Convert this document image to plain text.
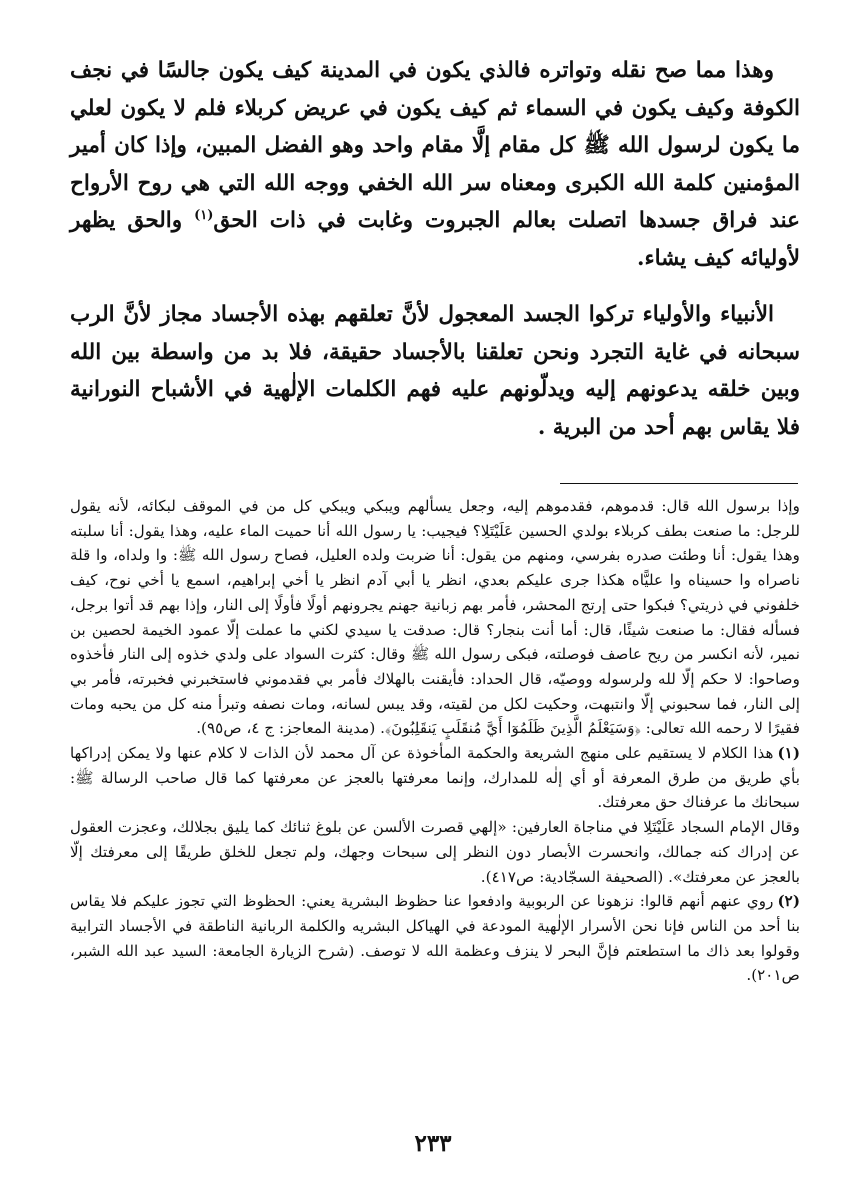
وهذا مما صح نقله وتواتره فالذي يكون في المدينة كيف يكون جالسًا في نجف الكوفة وكيف يكون في السماء ثم كيف يكون في عريض كربلاء فلم لا يكون لعلي ما يكون لرسول الله ﷺ كل مقام إلَّا مقام واحد وهو الفضل المبين، وإذا كان أمير المؤمنين كلمة الله الكبرى ومعناه سر الله الخفي ووجه الله التي هي روح الأرواح عند فراق جسدها اتصلت بعالم الجبروت وغابت في ذات الحق$^{(١)}$ والحق يظهر لأوليائه كيف يشاء.

الأنبياء والأولياء تركوا الجسد المعجول لأنَّ تعلقهم بهذه الأجساد مجاز لأنَّ الرب سبحانه في غاية التجرد ونحن تعلقنا بالأجساد حقيقة، فلا بد من واسطة بين الله وبين خلقه يدعونهم إليه ويدلّونهم عليه فهم الكلمات الإلٰهية في الأشباح النورانية فلا يقاس بهم أحد من البرية .

وإذا برسول الله قال: قدموهم، فقدموهم إليه، وجعل يسألهم ويبكي ويبكي كل من في الموقف لبكائه، لأنه يقول للرجل: ما صنعت بطف كربلاء بولدي الحسين عَلَيْتَلِا؟ فيجيب: يا رسول الله أنا حميت الماء عليه، وهذا يقول: أنا سلبته وهذا يقول: أنا وطئت صدره بفرسي، ومنهم من يقول: أنا ضربت ولده العليل، فصاح رسول الله ﷺ: وا ولداه، وا قلة ناصراه وا حسيناه وا عليًّاه هكذا جرى عليكم بعدي، انظر يا أبي آدم انظر يا أخي إبراهيم، اسمع يا أخي نوح، كيف خلفوني في ذريتي؟ فبكوا حتى إرتج المحشر، فأمر بهم زبانية جهنم يجرونهم أولًا فأولًا إلى النار، وإذا بهم قد أتوا برجل، فسأله فقال: ما صنعت شيئًا، قال: أما أنت بنجار؟ قال: صدقت يا سيدي لكني ما عملت إلّا عمود الخيمة لحصين بن نمير، لأنه انكسر من ريح عاصف فوصلته، فبكى رسول الله ﷺ وقال: كثرت السواد على ولدي خذوه إلى النار فأخذوه وصاحوا: لا حكم إلّا لله ولرسوله ووصيّه، قال الحداد: فأيقنت بالهلاك فأمر بي فقدموني فاستخبرني فخبرته، فأمر بي إلى النار، فما سحبوني إلّا وانتبهت، وحكيت لكل من لقيته، وقد يبس لسانه، ومات نصفه وتبرأ منه كل من يحبه ومات فقيرًا لا رحمه الله تعالى: ﴿وَسَيَعْلَمُ الَّذِينَ ظَلَمُوٓا أَيَّ مُنقَلَبٍ يَنقَلِبُونَ﴾. (مدينة المعاجز: ج ٤، ص٩٥).

(١)هذا الكلام لا يستقيم على منهج الشريعة والحكمة المأخوذة عن آل محمد لأن الذات لا كلام عنها ولا يمكن إدراكها بأي طريق من طرق المعرفة أو أي إلٰه للمدارك، وإنما معرفتها بالعجز عن معرفتها كما قال صاحب الرسالة ﷺ: سبحانك ما عرفناك حق معرفتك.

وقال الإمام السجاد عَلَيْتَلِا في مناجاة العارفين: «إلهي قصرت الألسن عن بلوغ ثنائك كما يليق بجلالك، وعجزت العقول عن إدراك كنه جمالك، وانحسرت الأبصار دون النظر إلى سبحات وجهك، ولم تجعل للخلق طريقًا إلى معرفتك إلّا بالعجز عن معرفتك». (الصحيفة السجّادية: ص٤١٧).

(٢)روي عنهم أنهم قالوا: نزهونا عن الربوبية وادفعوا عنا حظوظ البشرية يعني: الحظوظ التي تجوز عليكم فلا يقاس بنا أحد من الناس فإنا نحن الأسرار الإلٰهية المودعة في الهياكل البشريه والكلمة الربانية الناطقة في الأجساد الترابية وقولوا بعد ذاك ما استطعتم فإنَّ البحر لا ينزف وعظمة الله لا توصف. (شرح الزيارة الجامعة: السيد عبد الله الشبر، ص٢٠١).

٢٣٣
